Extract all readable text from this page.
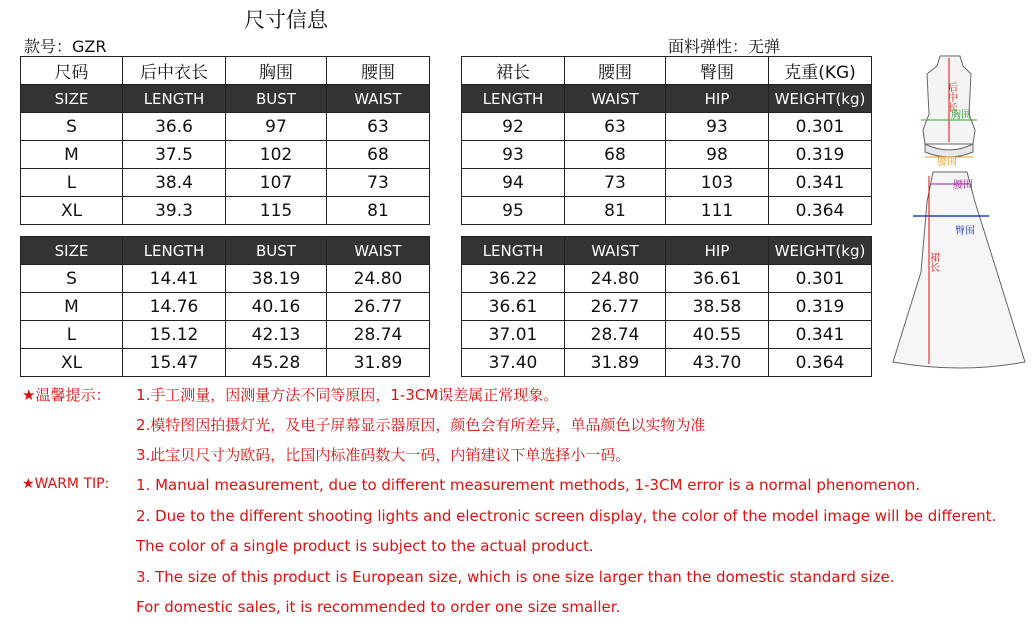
尺寸信息
款号：GZR	面料弹性：无弹
尺码	后中衣长	胸围	腰围		裙长	腰围	臀围	克重(KG)
SIZE	LENGTH	BUST	WAIST		LENGTH	WAIST	HIP	WEIGHT(kg)
S	36.6	97	63		92	63	93	0.301
M	37.5	102	68		93	68	98	0.319
L	38.4	107	73		94	73	103	0.341
XL	39.3	115	81		95	81	111	0.364
SIZE	LENGTH	BUST	WAIST		LENGTH	WAIST	HIP	WEIGHT(kg)
S	14.41	38.19	24.80		36.22	24.80	36.61	0.301
M	14.76	40.16	26.77		36.61	26.77	38.58	0.319
L	15.12	42.13	28.74		37.01	28.74	40.55	0.341
XL	15.47	45.28	31.89		37.40	31.89	43.70	0.364
★温馨提示： 1.手工测量，因测量方法不同等原因，1-3CM误差属正常现象。
2.模特图因拍摄灯光，及电子屏幕显示器原因，颜色会有所差异，单品颜色以实物为准
3.此宝贝尺寸为欧码，比国内标准码数大一码，内销建议下单选择小一码。
★WARM TIP: 1. Manual measurement, due to different measurement methods, 1-3CM error is a normal phenomenon.
2. Due to the different shooting lights and electronic screen display, the color of the model image will be different.
The color of a single product is subject to the actual product.
3. The size of this product is European size, which is one size larger than the domestic standard size.
For domestic sales, it is recommended to order one size smaller.
后中长
胸围
腰围
腰围
臀围
裙长
